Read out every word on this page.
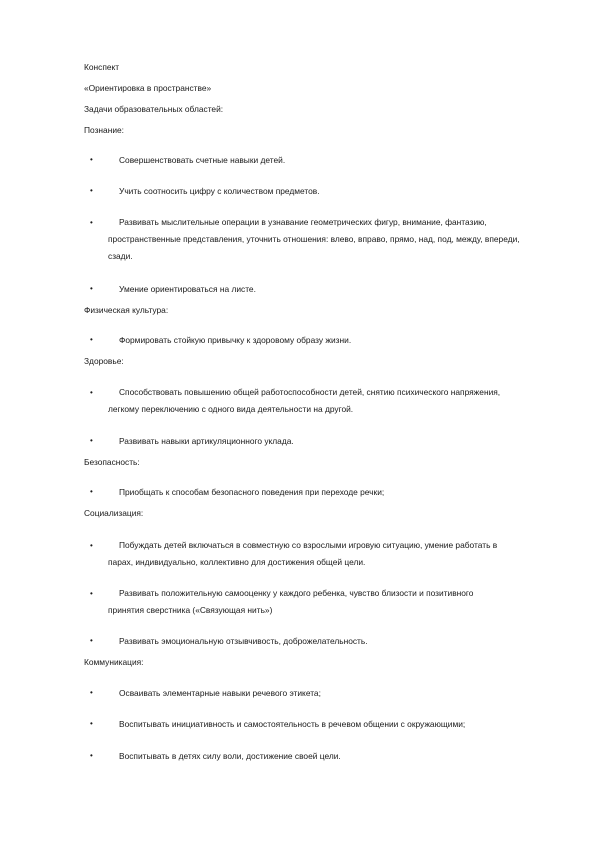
Конспект
«Ориентировка в пространстве»
Задачи образовательных областей:
Познание:
•	Совершенствовать счетные навыки детей.
•	Учить соотносить цифру с количеством предметов.
•	Развивать мыслительные операции в узнавание геометрических фигур, внимание, фантазию,
пространственные представления, уточнить отношения: влево, вправо, прямо, над, под, между, впереди, сзади.
•	Умение ориентироваться на листе.
Физическая культура:
•	Формировать стойкую привычку к здоровому образу жизни.
Здоровье:
•	Способствовать повышению общей работоспособности детей, снятию психического напряжения,
легкому переключению с одного вида деятельности на другой.
•	Развивать навыки артикуляционного уклада.
Безопасность:
•	Приобщать к способам безопасного поведения при переходе речки;
Социализация:
•	Побуждать детей включаться в совместную со взрослыми игровую ситуацию, умение работать в
парах, индивидуально, коллективно для достижения общей цели.
•	Развивать положительную самооценку у каждого ребенка, чувство близости и позитивного
принятия сверстника («Связующая нить»)
•	Развивать эмоциональную отзывчивость, доброжелательность.
Коммуникация:
•	Осваивать элементарные навыки речевого этикета;
•	Воспитывать инициативность и самостоятельность в речевом общении с окружающими;
•	Воспитывать в детях силу воли, достижение своей цели.
